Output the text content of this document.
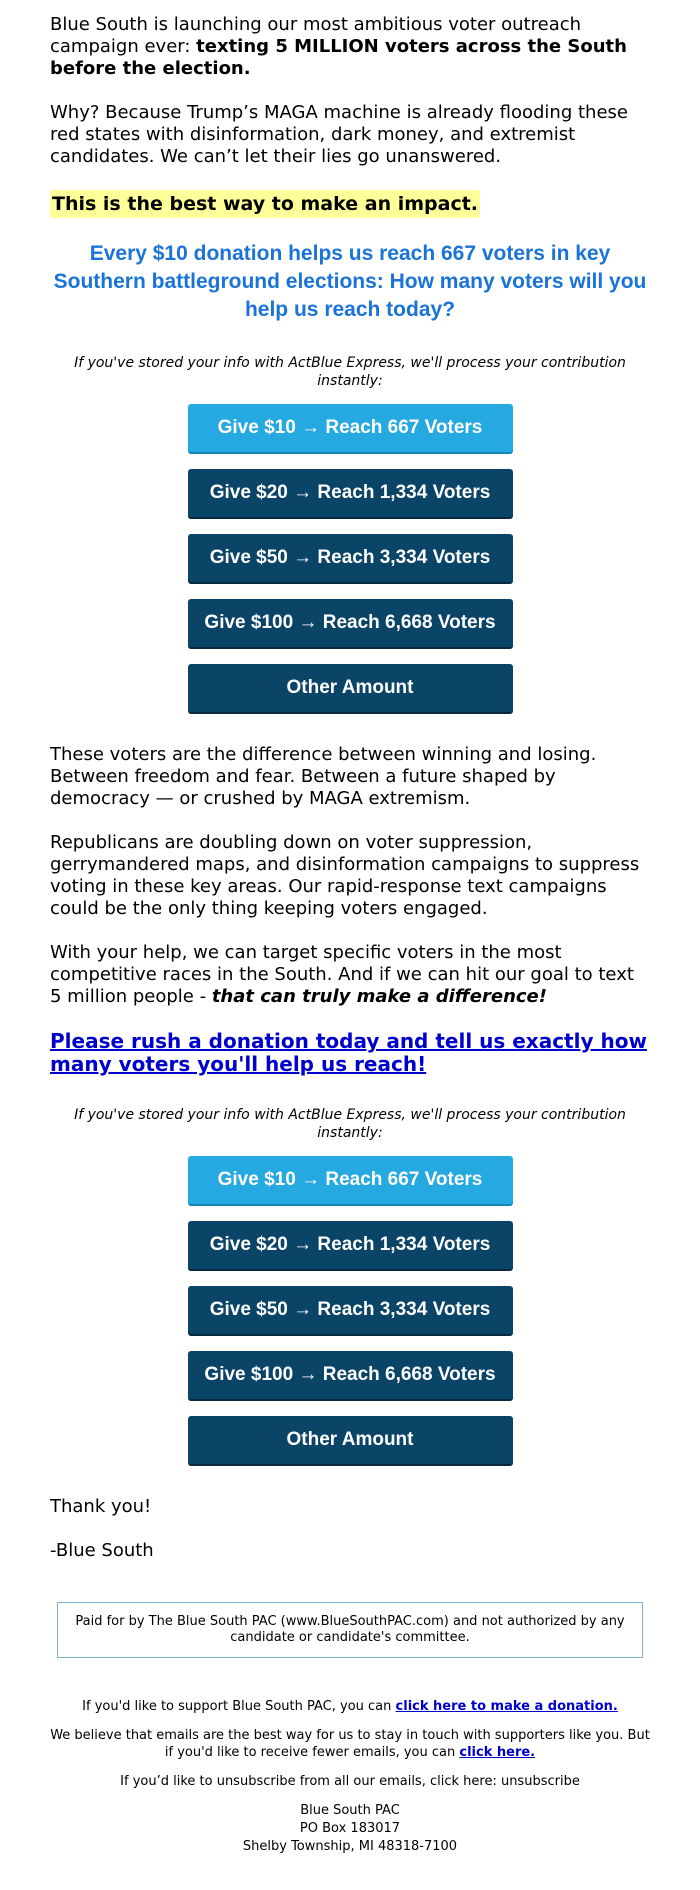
Blue South is launching our most ambitious voter outreach campaign ever: texting 5 MILLION voters across the South before the election.

Why? Because Trump’s MAGA machine is already flooding these red states with disinformation, dark money, and extremist candidates. We can’t let their lies go unanswered.

This is the best way to make an impact.
Every $10 donation helps us reach 667 voters in key Southern battleground elections: How many voters will you help us reach today?

If you've stored your info with ActBlue Express, we'll process your contribution instantly:

Give $10 → Reach 667 Voters
Give $20 → Reach 1,334 Voters
Give $50 → Reach 3,334 Voters
Give $100 → Reach 6,668 Voters
Other Amount

These voters are the difference between winning and losing. Between freedom and fear. Between a future shaped by democracy — or crushed by MAGA extremism.

Republicans are doubling down on voter suppression, gerrymandered maps, and disinformation campaigns to suppress voting in these key areas. Our rapid-response text campaigns could be the only thing keeping voters engaged.

With your help, we can target specific voters in the most competitive races in the South. And if we can hit our goal to text 5 million people - that can truly make a difference!

Please rush a donation today and tell us exactly how many voters you'll help us reach!

If you've stored your info with ActBlue Express, we'll process your contribution instantly:

Give $10 → Reach 667 Voters
Give $20 → Reach 1,334 Voters
Give $50 → Reach 3,334 Voters
Give $100 → Reach 6,668 Voters
Other Amount

Thank you!

-Blue South

Paid for by The Blue South PAC (www.BlueSouthPAC.com) and not authorized by any candidate or candidate's committee.

If you'd like to support Blue South PAC, you can click here to make a donation.

We believe that emails are the best way for us to stay in touch with supporters like you. But if you'd like to receive fewer emails, you can click here.

If you’d like to unsubscribe from all our emails, click here: unsubscribe

Blue South PAC

PO Box 183017

Shelby Township, MI 48318-7100
